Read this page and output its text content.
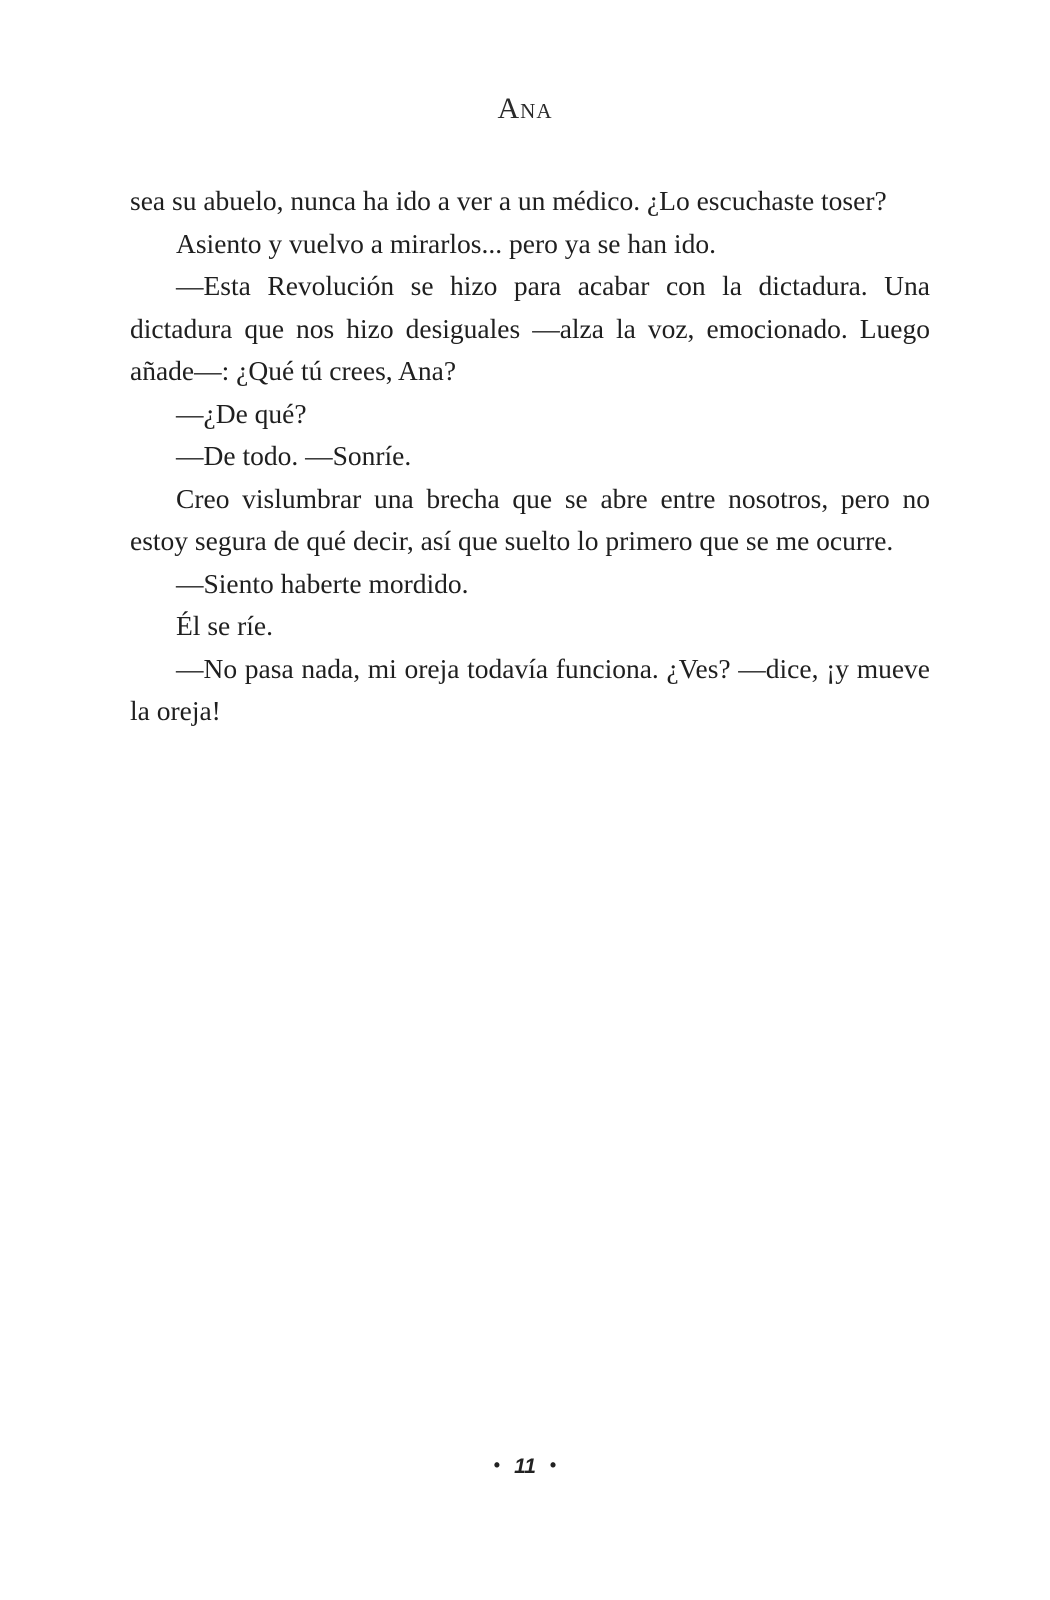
Ana

sea su abuelo, nunca ha ido a ver a un médico. ¿Lo escuchaste toser?

Asiento y vuelvo a mirarlos... pero ya se han ido.

—Esta Revolución se hizo para acabar con la dictadura. Una dictadura que nos hizo desiguales —alza la voz, emocionado. Luego añade—: ¿Qué tú crees, Ana?

—¿De qué?

—De todo. —Sonríe.

Creo vislumbrar una brecha que se abre entre nosotros, pero no estoy segura de qué decir, así que suelto lo primero que se me ocurre.

—Siento haberte mordido.

Él se ríe.

—No pasa nada, mi oreja todavía funciona. ¿Ves? —dice, ¡y mueve la oreja!

• 11 •
